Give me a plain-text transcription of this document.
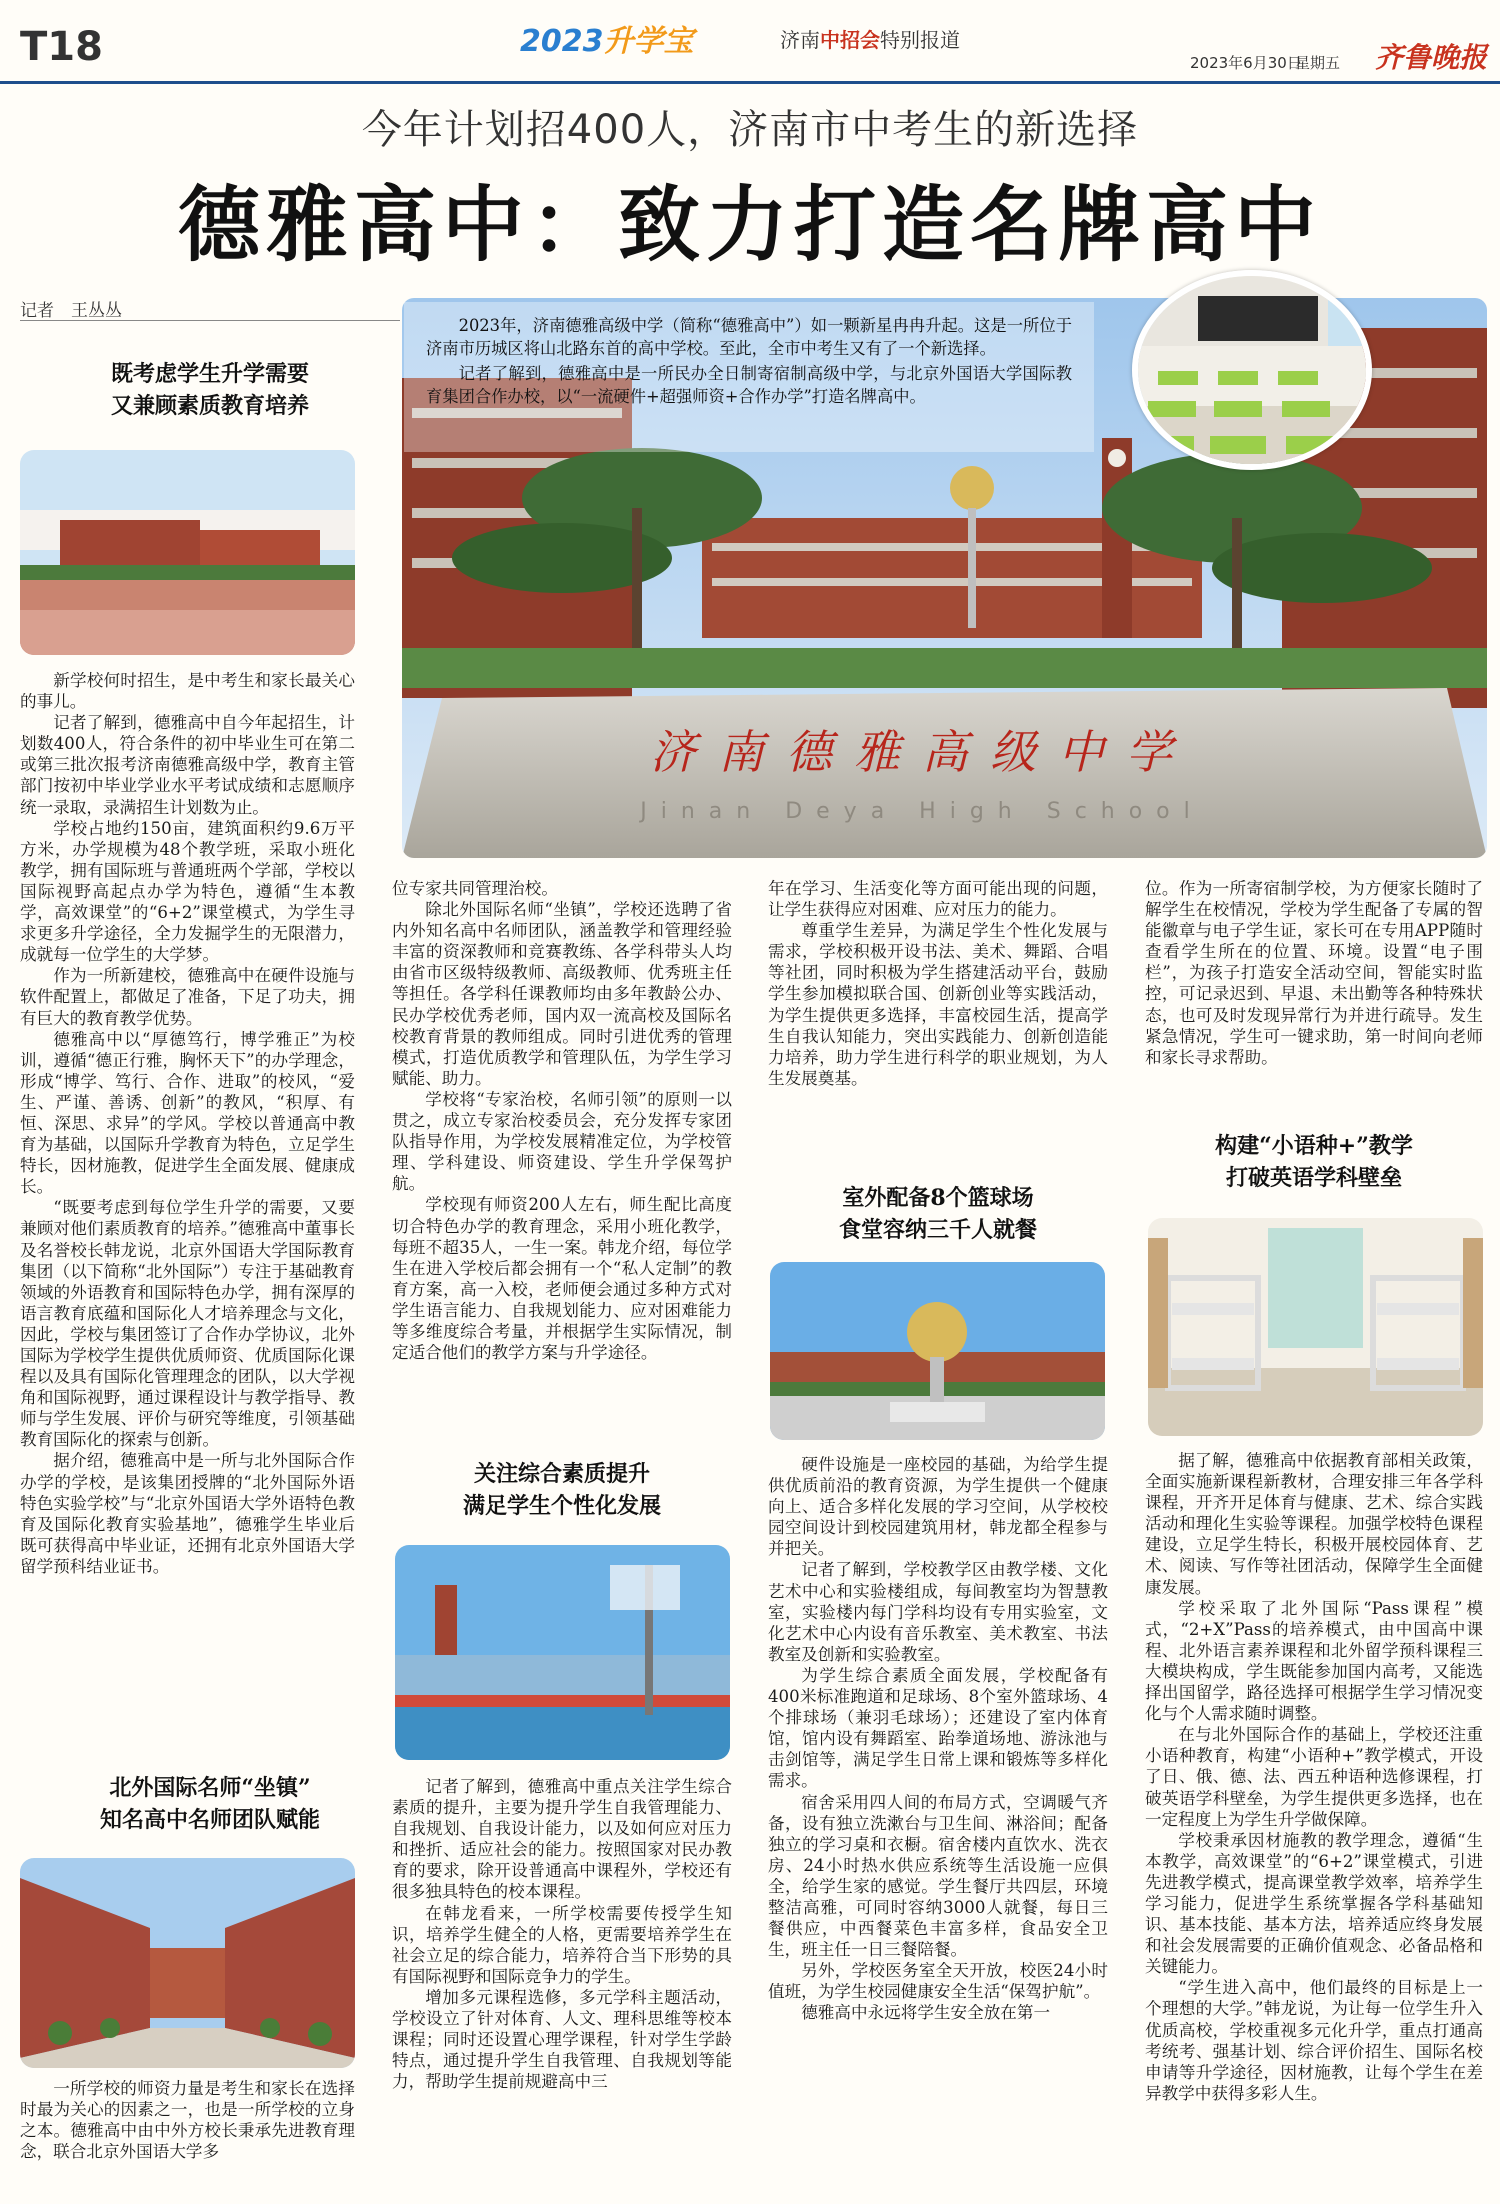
T18	2023升学宝	济南中招会特别报道
2023年6月30日
星期五 齐鲁晚报
今年计划招400人，济南市中考生的新选择
德雅高中：致力打造名牌高中
记者　王丛丛
济南德雅高级中学
Jinan Deya High School

2023年，济南德雅高级中学（简称“德雅高中”）如一颗新星冉冉升起。这是一所位于济南市历城区将山北路东首的高中学校。至此，全市中考生又有了一个新选择。

记者了解到，德雅高中是一所民办全日制寄宿制高级中学，与北京外国语大学国际教育集团合作办校，以“一流硬件+超强师资+合作办学”打造名牌高中。

既考虑学生升学需要
又兼顾素质教育培养

新学校何时招生，是中考生和家长最关心的事儿。

记者了解到，德雅高中自今年起招生，计划数400人，符合条件的初中毕业生可在第二或第三批次报考济南德雅高级中学，教育主管部门按初中毕业学业水平考试成绩和志愿顺序统一录取，录满招生计划数为止。

学校占地约150亩，建筑面积约9.6万平方米，办学规模为48个教学班，采取小班化教学，拥有国际班与普通班两个学部，学校以国际视野高起点办学为特色，遵循“生本教学，高效课堂”的“6+2”课堂模式，为学生寻求更多升学途径，全力发掘学生的无限潜力，成就每一位学生的大学梦。

作为一所新建校，德雅高中在硬件设施与软件配置上，都做足了准备，下足了功夫，拥有巨大的教育教学优势。

德雅高中以“厚德笃行，博学雅正”为校训，遵循“德正行雅，胸怀天下”的办学理念，形成“博学、笃行、合作、进取”的校风，“爱生、严谨、善诱、创新”的教风，“积厚、有恒、深思、求异”的学风。学校以普通高中教育为基础，以国际升学教育为特色，立足学生特长，因材施教，促进学生全面发展、健康成长。

“既要考虑到每位学生升学的需要，又要兼顾对他们素质教育的培养。”德雅高中董事长及名誉校长韩龙说，北京外国语大学国际教育集团（以下简称“北外国际”）专注于基础教育领域的外语教育和国际特色办学，拥有深厚的语言教育底蕴和国际化人才培养理念与文化，因此，学校与集团签订了合作办学协议，北外国际为学校学生提供优质师资、优质国际化课程以及具有国际化管理理念的团队，以大学视角和国际视野，通过课程设计与教学指导、教师与学生发展、评价与研究等维度，引领基础教育国际化的探索与创新。

据介绍，德雅高中是一所与北外国际合作办学的学校，是该集团授牌的“北外国际外语特色实验学校”与“北京外国语大学外语特色教育及国际化教育实验基地”，德雅学生毕业后既可获得高中毕业证，还拥有北京外国语大学留学预科结业证书。

北外国际名师“坐镇”
知名高中名师团队赋能

一所学校的师资力量是考生和家长在选择时最为关心的因素之一，也是一所学校的立身之本。德雅高中由中外方校长秉承先进教育理念，联合北京外国语大学多

位专家共同管理治校。

除北外国际名师“坐镇”，学校还选聘了省内外知名高中名师团队，涵盖教学和管理经验丰富的资深教师和竞赛教练、各学科带头人均由省市区级特级教师、高级教师、优秀班主任等担任。各学科任课教师均由多年教龄公办、民办学校优秀老师，国内双一流高校及国际名校教育背景的教师组成。同时引进优秀的管理模式，打造优质教学和管理队伍，为学生学习赋能、助力。

学校将“专家治校，名师引领”的原则一以贯之，成立专家治校委员会，充分发挥专家团队指导作用，为学校发展精准定位，为学校管理、学科建设、师资建设、学生升学保驾护航。

学校现有师资200人左右，师生配比高度切合特色办学的教育理念，采用小班化教学，每班不超35人，一生一案。韩龙介绍，每位学生在进入学校后都会拥有一个“私人定制”的教育方案，高一入校，老师便会通过多种方式对学生语言能力、自我规划能力、应对困难能力等多维度综合考量，并根据学生实际情况，制定适合他们的教学方案与升学途径。

关注综合素质提升
满足学生个性化发展

记者了解到，德雅高中重点关注学生综合素质的提升，主要为提升学生自我管理能力、自我规划、自我设计能力，以及如何应对压力和挫折、适应社会的能力。按照国家对民办教育的要求，除开设普通高中课程外，学校还有很多独具特色的校本课程。

在韩龙看来，一所学校需要传授学生知识，培养学生健全的人格，更需要培养学生在社会立足的综合能力，培养符合当下形势的具有国际视野和国际竞争力的学生。

增加多元课程选修，多元学科主题活动，学校设立了针对体育、人文、理科思维等校本课程；同时还设置心理学课程，针对学生学龄特点，通过提升学生自我管理、自我规划等能力，帮助学生提前规避高中三

年在学习、生活变化等方面可能出现的问题，让学生获得应对困难、应对压力的能力。

尊重学生差异，为满足学生个性化发展与需求，学校积极开设书法、美术、舞蹈、合唱等社团，同时积极为学生搭建活动平台，鼓励学生参加模拟联合国、创新创业等实践活动，为学生提供更多选择，丰富校园生活，提高学生自我认知能力，突出实践能力、创新创造能力培养，助力学生进行科学的职业规划，为人生发展奠基。

室外配备8个篮球场
食堂容纳三千人就餐

硬件设施是一座校园的基础，为给学生提供优质前沿的教育资源，为学生提供一个健康向上、适合多样化发展的学习空间，从学校校园空间设计到校园建筑用材，韩龙都全程参与并把关。

记者了解到，学校教学区由教学楼、文化艺术中心和实验楼组成，每间教室均为智慧教室，实验楼内每门学科均设有专用实验室，文化艺术中心内设有音乐教室、美术教室、书法教室及创新和实验教室。

为学生综合素质全面发展，学校配备有400米标准跑道和足球场、8个室外篮球场、4个排球场（兼羽毛球场）；还建设了室内体育馆，馆内设有舞蹈室、跆拳道场地、游泳池与击剑馆等，满足学生日常上课和锻炼等多样化需求。

宿舍采用四人间的布局方式，空调暖气齐备，设有独立洗漱台与卫生间、淋浴间；配备独立的学习桌和衣橱。宿舍楼内直饮水、洗衣房、24小时热水供应系统等生活设施一应俱全，给学生家的感觉。学生餐厅共四层，环境整洁高雅，可同时容纳3000人就餐，每日三餐供应，中西餐菜色丰富多样，食品安全卫生，班主任一日三餐陪餐。

另外，学校医务室全天开放，校医24小时值班，为学生校园健康安全生活“保驾护航”。

德雅高中永远将学生安全放在第一

位。作为一所寄宿制学校，为方便家长随时了解学生在校情况，学校为学生配备了专属的智能徽章与电子学生证，家长可在专用APP随时查看学生所在的位置、环境。设置“电子围栏”，为孩子打造安全活动空间，智能实时监控，可记录迟到、早退、未出勤等各种特殊状态，也可及时发现异常行为并进行疏导。发生紧急情况，学生可一键求助，第一时间向老师和家长寻求帮助。

构建“小语种+”教学
打破英语学科壁垒

据了解，德雅高中依据教育部相关政策，全面实施新课程新教材，合理安排三年各学科课程，开齐开足体育与健康、艺术、综合实践活动和理化生实验等课程。加强学校特色课程建设，立足学生特长，积极开展校园体育、艺术、阅读、写作等社团活动，保障学生全面健康发展。

学校采取了北外国际“Pass课程”模式，“2+X”Pass的培养模式，由中国高中课程、北外语言素养课程和北外留学预科课程三大模块构成，学生既能参加国内高考，又能选择出国留学，路径选择可根据学生学习情况变化与个人需求随时调整。

在与北外国际合作的基础上，学校还注重小语种教育，构建“小语种+”教学模式，开设了日、俄、德、法、西五种语种选修课程，打破英语学科壁垒，为学生提供更多选择，也在一定程度上为学生升学做保障。

学校秉承因材施教的教学理念，遵循“生本教学，高效课堂”的“6+2”课堂模式，引进先进教学模式，提高课堂教学效率，培养学生学习能力，促进学生系统掌握各学科基础知识、基本技能、基本方法，培养适应终身发展和社会发展需要的正确价值观念、必备品格和关键能力。

“学生进入高中，他们最终的目标是上一个理想的大学。”韩龙说，为让每一位学生升入优质高校，学校重视多元化升学，重点打通高考统考、强基计划、综合评价招生、国际名校申请等升学途径，因材施教，让每个学生在差异教学中获得多彩人生。
